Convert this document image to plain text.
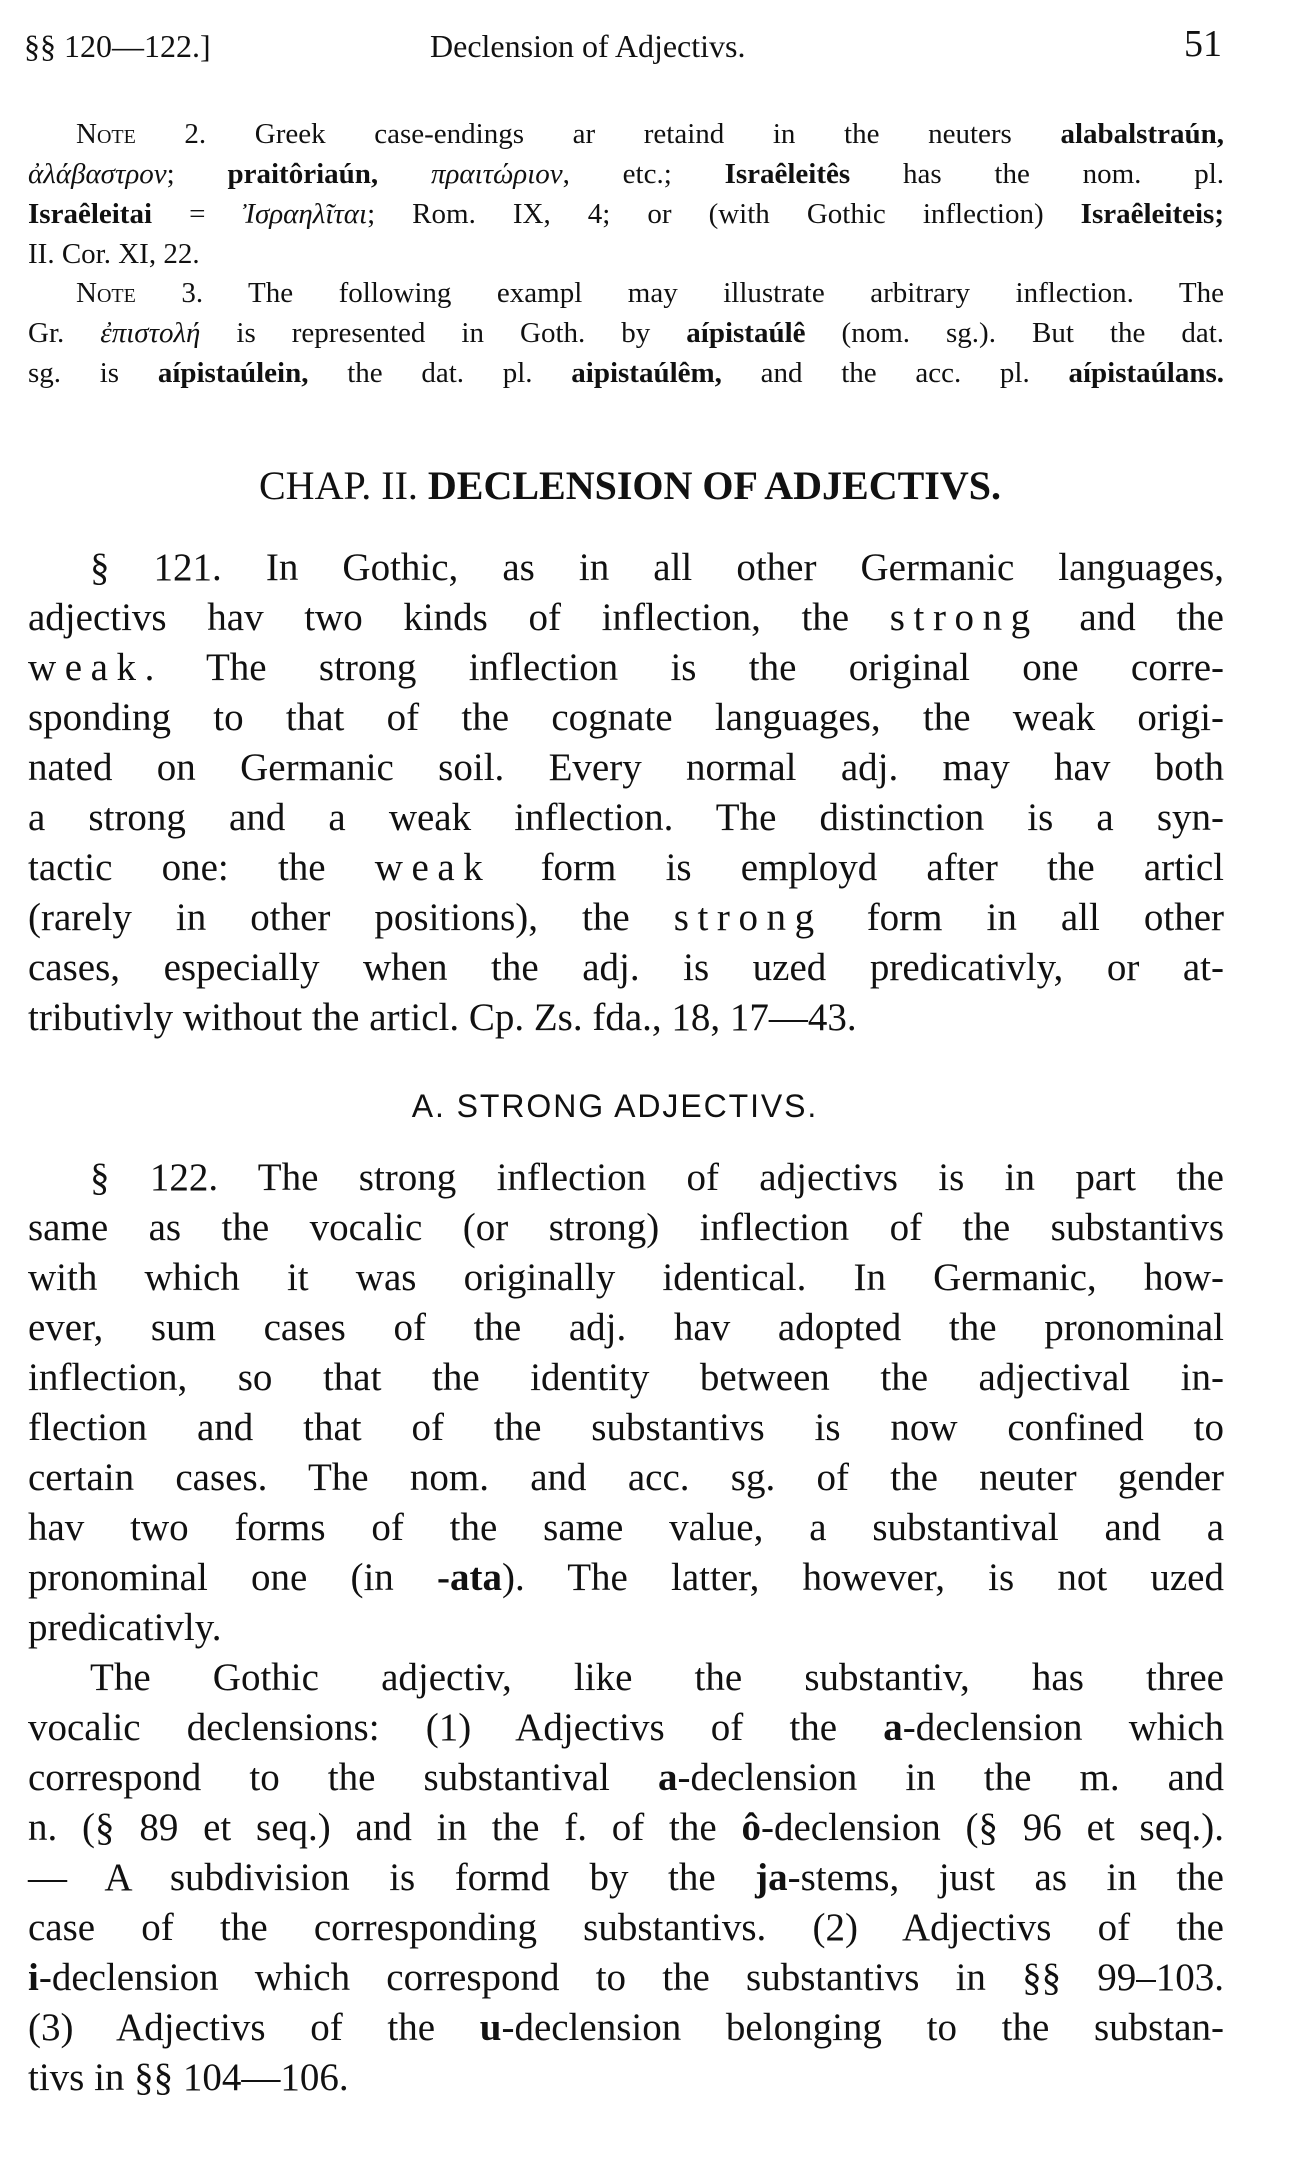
§§ 120—122.]	Declension of Adjectivs.	51
Note 2. Greek case-endings ar retaind in the neuters alabalstraún,
ἀλάβαστρον; praitôriaún, πραιτώριον, etc.; Israêleitês has the nom. pl.
Israêleitai = Ἰσραηλῖται; Rom. IX, 4; or (with Gothic inflection) Israêleiteis;
II. Cor. XI, 22.
Note 3. The following exampl may illustrate arbitrary inflection. The
Gr. ἐπιστολή is represented in Goth. by aípistaúlê (nom. sg.). But the dat.
sg. is aípistaúlein, the dat. pl. aipistaúlêm, and the acc. pl. aípistaúlans.
CHAP. II. DECLENSION OF ADJECTIVS.
§ 121. In Gothic, as in all other Germanic languages,
adjectivs hav two kinds of inflection, the strong and the
weak. The strong inflection is the original one corre-
sponding to that of the cognate languages, the weak origi-
nated on Germanic soil. Every normal adj. may hav both
a strong and a weak inflection. The distinction is a syn-
tactic one: the weak form is employd after the articl
(rarely in other positions), the strong form in all other
cases, especially when the adj. is uzed predicativly, or at-
tributivly without the articl. Cp. Zs. fda., 18, 17—43.
A. STRONG ADJECTIVS.
§ 122. The strong inflection of adjectivs is in part the
same as the vocalic (or strong) inflection of the substantivs
with which it was originally identical. In Germanic, how-
ever, sum cases of the adj. hav adopted the pronominal
inflection, so that the identity between the adjectival in-
flection and that of the substantivs is now confined to
certain cases. The nom. and acc. sg. of the neuter gender
hav two forms of the same value, a substantival and a
pronominal one (in -ata). The latter, however, is not uzed
predicativly.
The Gothic adjectiv, like the substantiv, has three
vocalic declensions: (1) Adjectivs of the a-declension which
correspond to the substantival a-declension in the m. and
n. (§ 89 et seq.) and in the f. of the ô-declension (§ 96 et seq.).
— A subdivision is formd by the ja-stems, just as in the
case of the corresponding substantivs. (2) Adjectivs of the
i-declension which correspond to the substantivs in §§ 99–103.
(3) Adjectivs of the u-declension belonging to the substan-
tivs in §§ 104—106.
